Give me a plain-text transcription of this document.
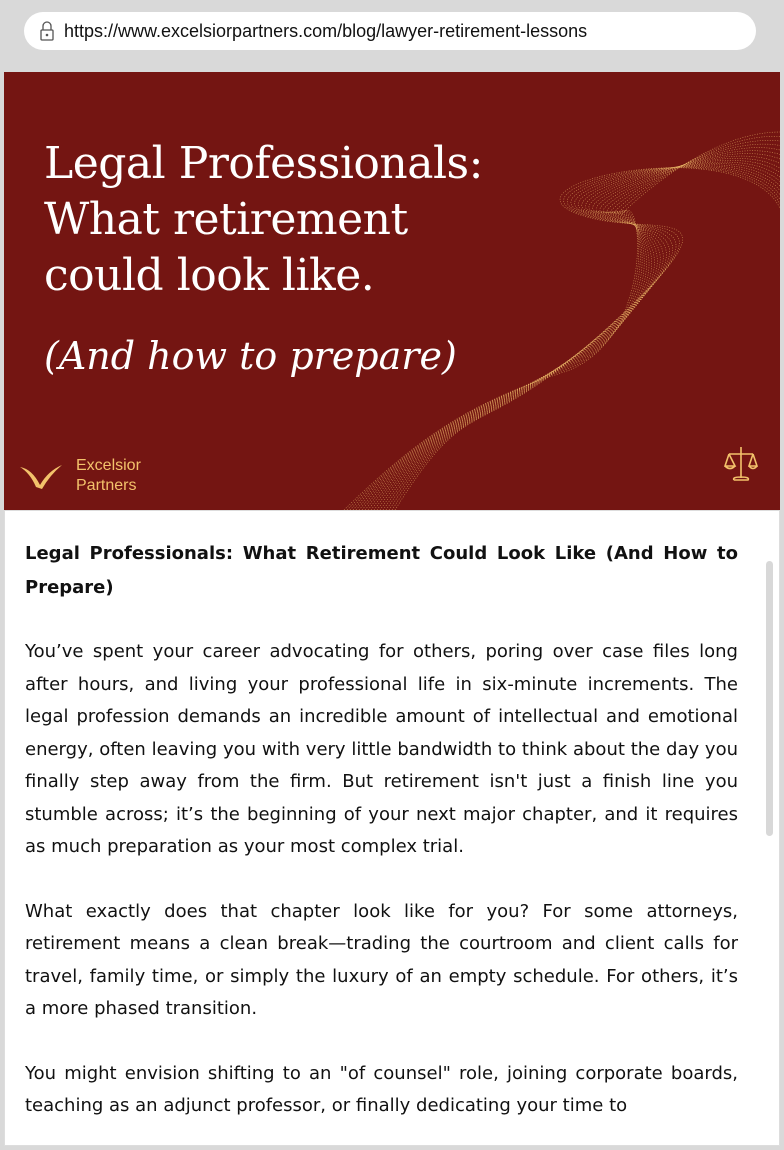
https://www.excelsiorpartners.com/blog/lawyer-retirement-lessons
Legal Professionals:
What retirement
could look like.
(And how to prepare)
Excelsior
Partners
Legal Professionals: What Retirement Could Look Like (And How to Prepare)

You’ve spent your career advocating for others, poring over case files long after hours, and living your professional life in six-minute increments. The legal profession demands an incredible amount of intellectual and emotional energy, often leaving you with very little bandwidth to think about the day you finally step away from the firm. But retirement isn't just a finish line you stumble across; it’s the beginning of your next major chapter, and it requires as much preparation as your most complex trial.

What exactly does that chapter look like for you? For some attorneys, retirement means a clean break—trading the courtroom and client calls for travel, family time, or simply the luxury of an empty schedule. For others, it’s a more phased transition.

You might envision shifting to an "of counsel" role, joining corporate boards, teaching as an adjunct professor, or finally dedicating your time to
